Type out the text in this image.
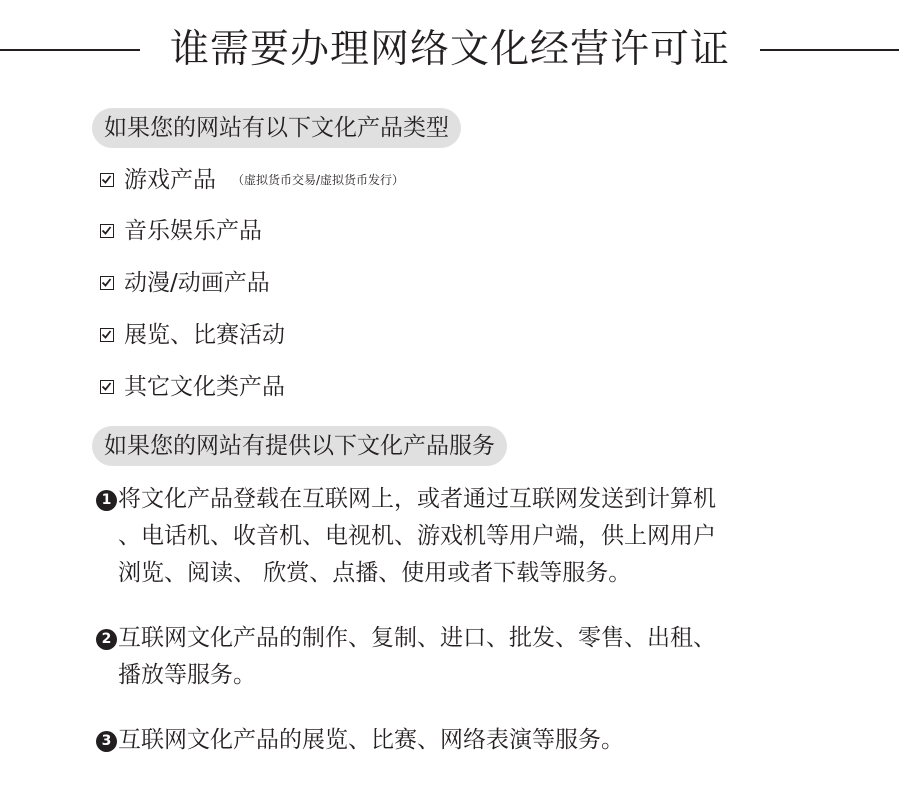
谁需要办理网络文化经营许可证
如果您的网站有以下文化产品类型
游戏产品 （虚拟货币交易/虚拟货币发行）
音乐娱乐产品
动漫/动画产品
展览、比赛活动
其它文化类产品
如果您的网站有提供以下文化产品服务
1 将文化产品登载在互联网上，或者通过互联网发送到计算机
、电话机、收音机、电视机、游戏机等用户端，供上网用户
浏览、阅读、 欣赏、点播、使用或者下载等服务。
2 互联网文化产品的制作、复制、进口、批发、零售、出租、
播放等服务。
3 互联网文化产品的展览、比赛、网络表演等服务。
